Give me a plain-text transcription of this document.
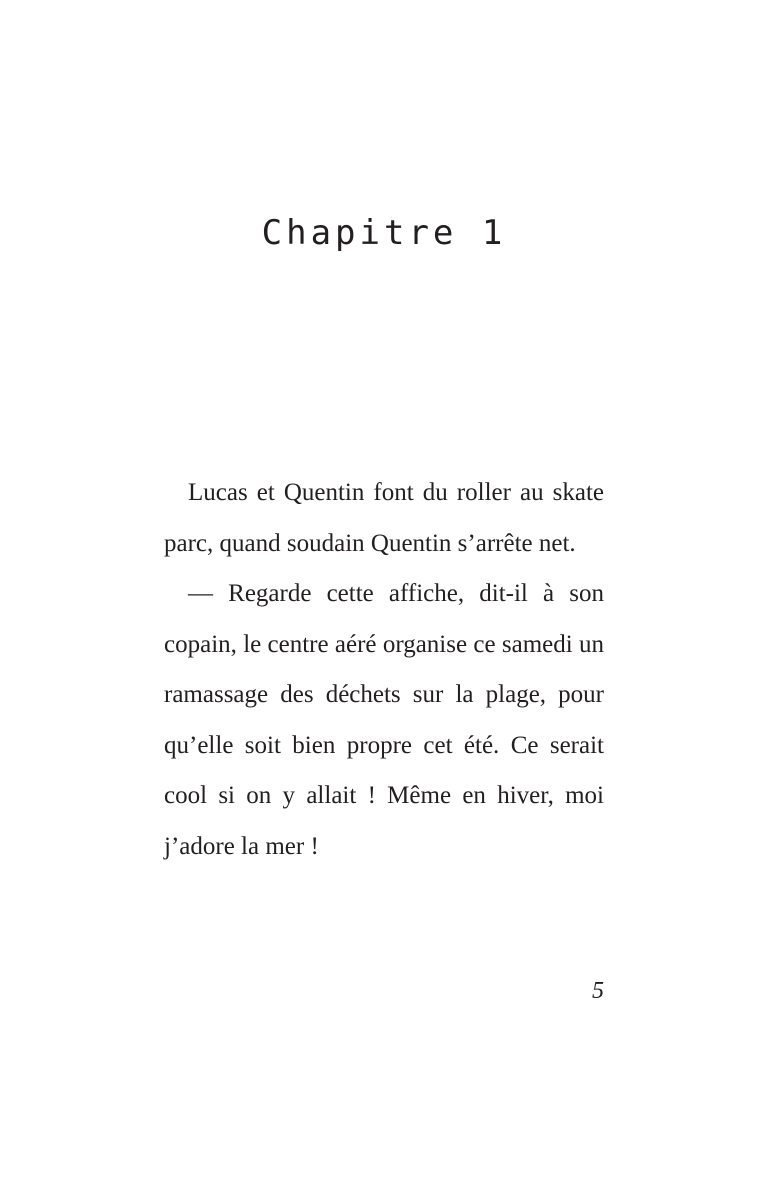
Chapitre 1

Lucas et Quentin font du roller au skate parc, quand soudain Quentin s’arrête net.

— Regarde cette affiche, dit-il à son copain, le centre aéré organise ce samedi un ramassage des déchets sur la plage, pour qu’elle soit bien propre cet été. Ce serait cool si on y allait ! Même en hiver, moi j’adore la mer !

5
